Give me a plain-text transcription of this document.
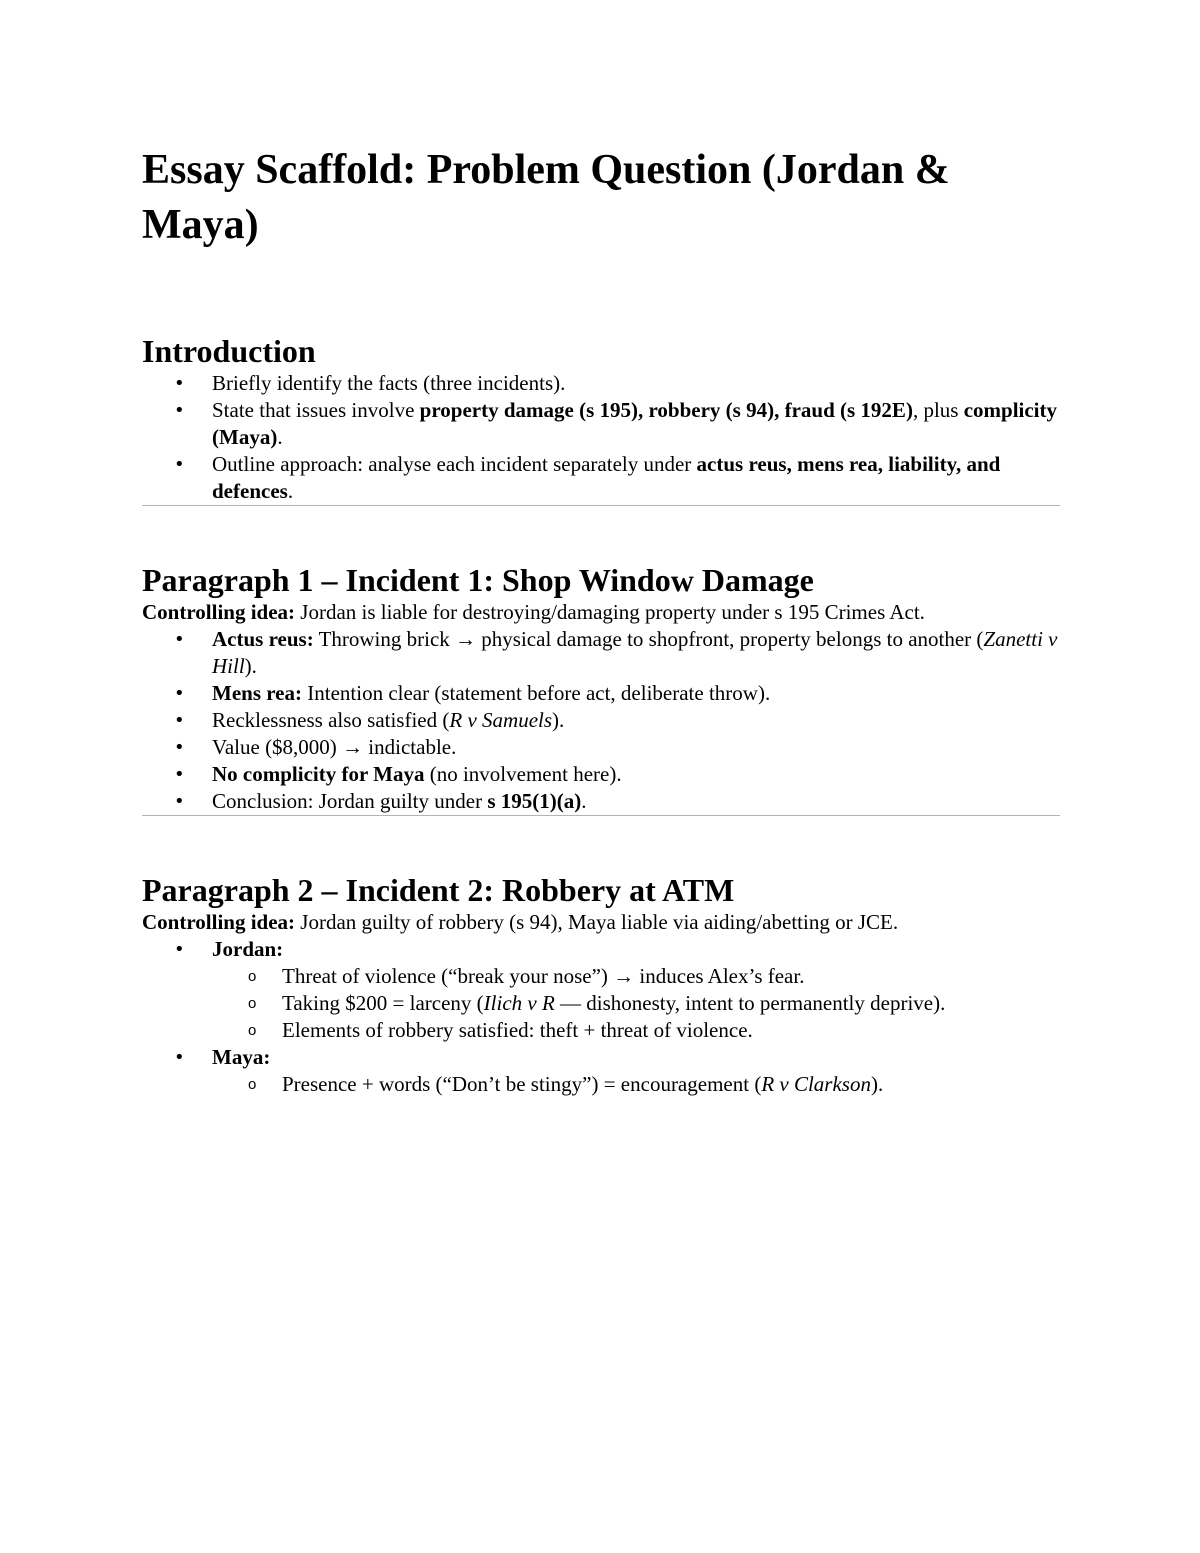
Essay Scaffold: Problem Question (Jordan & Maya)
Introduction
• Briefly identify the facts (three incidents).
• State that issues involve property damage (s 195), robbery (s 94), fraud (s 192E), plus complicity (Maya).
• Outline approach: analyse each incident separately under actus reus, mens rea, liability, and defences.
Paragraph 1 – Incident 1: Shop Window Damage

Controlling idea: Jordan is liable for destroying/damaging property under s 195 Crimes Act.

• Actus reus: Throwing brick → physical damage to shopfront, property belongs to another (Zanetti v Hill).
• Mens rea: Intention clear (statement before act, deliberate throw).
• Recklessness also satisfied (R v Samuels).
• Value ($8,000) → indictable.
• No complicity for Maya (no involvement here).
• Conclusion: Jordan guilty under s 195(1)(a).
Paragraph 2 – Incident 2: Robbery at ATM

Controlling idea: Jordan guilty of robbery (s 94), Maya liable via aiding/abetting or JCE.

• Jordan:
o Threat of violence (“break your nose”) → induces Alex’s fear.
o Taking $200 = larceny (Ilich v R — dishonesty, intent to permanently deprive).
o Elements of robbery satisfied: theft + threat of violence.
• Maya:
o Presence + words (“Don’t be stingy”) = encouragement (R v Clarkson).
